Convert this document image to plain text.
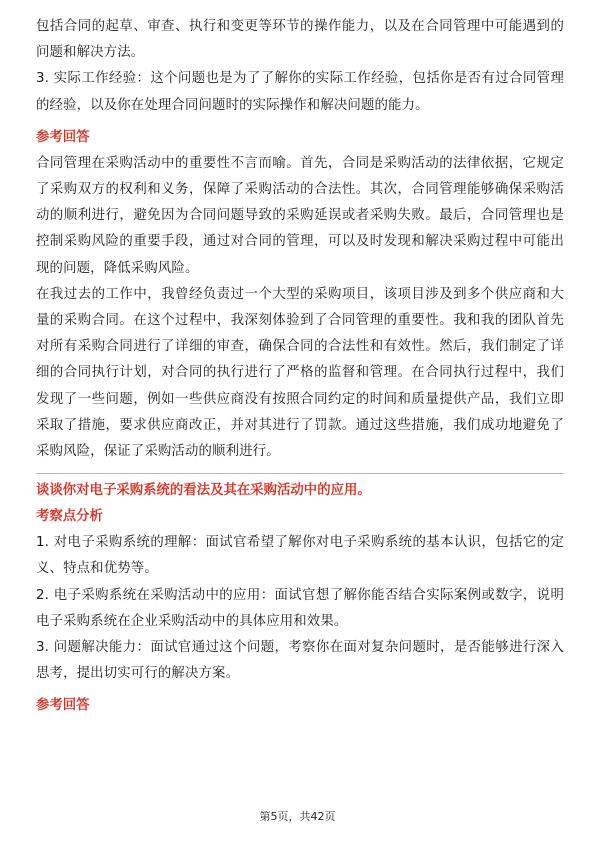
包括合同的起草、审查、执行和变更等环节的操作能力，以及在合同管理中可能遇到的问题和解决方法。

3. 实际工作经验：这个问题也是为了了解你的实际工作经验，包括你是否有过合同管理的经验，以及你在处理合同问题时的实际操作和解决问题的能力。

参考回答

合同管理在采购活动中的重要性不言而喻。首先，合同是采购活动的法律依据，它规定了采购双方的权利和义务，保障了采购活动的合法性。其次，合同管理能够确保采购活动的顺利进行，避免因为合同问题导致的采购延误或者采购失败。最后，合同管理也是控制采购风险的重要手段，通过对合同的管理，可以及时发现和解决采购过程中可能出现的问题，降低采购风险。

在我过去的工作中，我曾经负责过一个大型的采购项目，该项目涉及到多个供应商和大量的采购合同。在这个过程中，我深刻体验到了合同管理的重要性。我和我的团队首先对所有采购合同进行了详细的审查，确保合同的合法性和有效性。然后，我们制定了详细的合同执行计划，对合同的执行进行了严格的监督和管理。在合同执行过程中，我们发现了一些问题，例如一些供应商没有按照合同约定的时间和质量提供产品，我们立即采取了措施，要求供应商改正，并对其进行了罚款。通过这些措施，我们成功地避免了采购风险，保证了采购活动的顺利进行。

谈谈你对电子采购系统的看法及其在采购活动中的应用。

考察点分析

1. 对电子采购系统的理解：面试官希望了解你对电子采购系统的基本认识，包括它的定义、特点和优势等。

2. 电子采购系统在采购活动中的应用：面试官想了解你能否结合实际案例或数字，说明电子采购系统在企业采购活动中的具体应用和效果。

3. 问题解决能力：面试官通过这个问题，考察你在面对复杂问题时，是否能够进行深入思考，提出切实可行的解决方案。

参考回答

第5页，共42页
